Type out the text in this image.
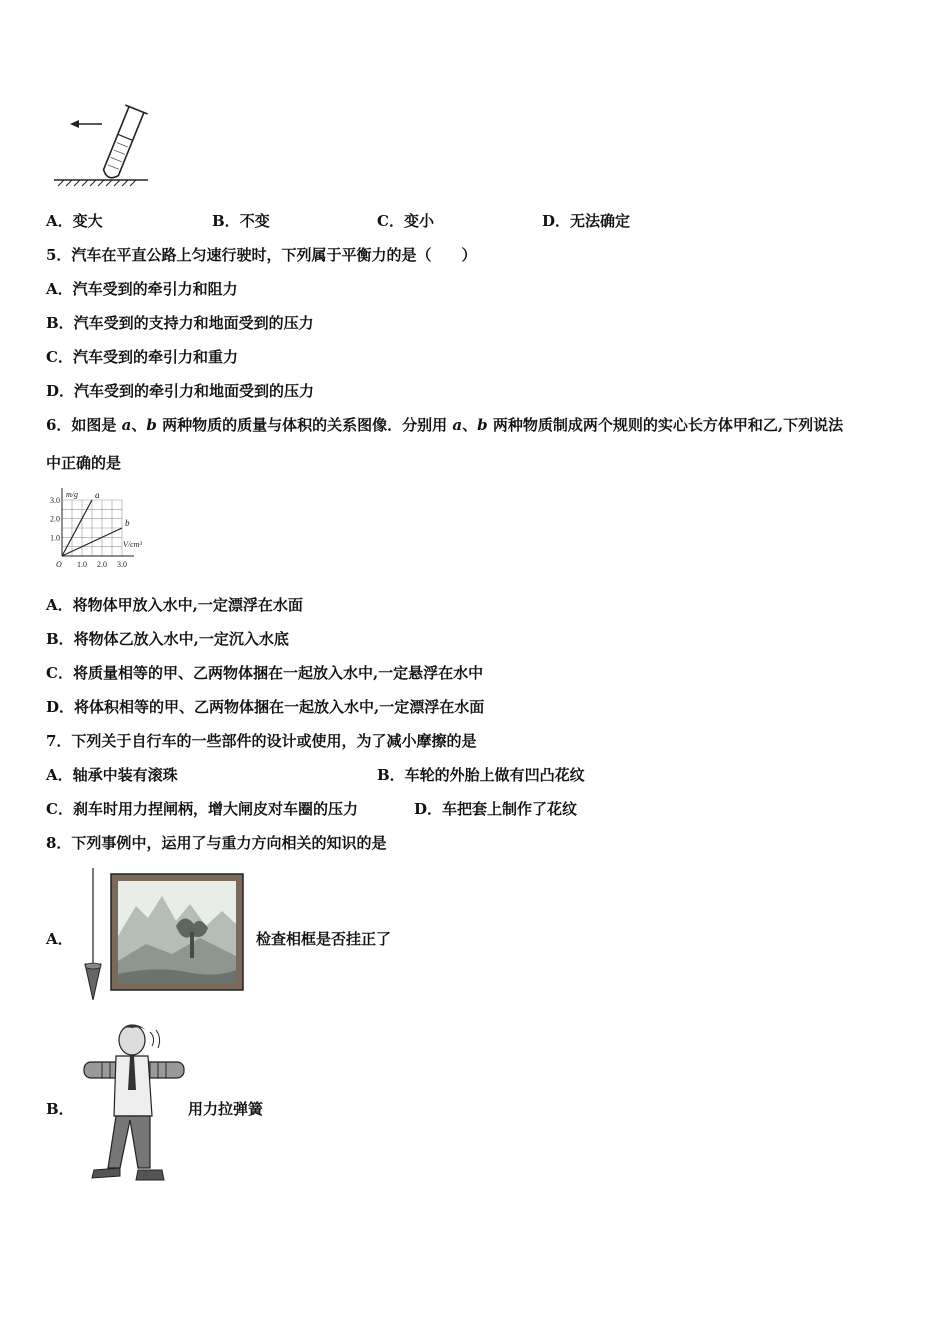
A．变大	B．不变	C．变小	D．无法确定
5．汽车在平直公路上匀速行驶时，下列属于平衡力的是（　　）
A．汽车受到的牵引力和阻力
B．汽车受到的支持力和地面受到的压力
C．汽车受到的牵引力和重力
D．汽车受到的牵引力和地面受到的压力
6．如图是 a、b 两种物质的质量与体积的关系图像．分别用 a、b 两种物质制成两个规则的实心长方体甲和乙,下列说法
中正确的是
a
b
1.0 2.0 3.0
1.0
2.0
3.0
O
m/g
V/cm³
A．将物体甲放入水中,一定漂浮在水面
B．将物体乙放入水中,一定沉入水底
C．将质量相等的甲、乙两物体捆在一起放入水中,一定悬浮在水中
D．将体积相等的甲、乙两物体捆在一起放入水中,一定漂浮在水面
7．下列关于自行车的一些部件的设计或使用，为了减小摩擦的是
A．轴承中装有滚珠	B．车轮的外胎上做有凹凸花纹
C．刹车时用力捏闸柄，增大闸皮对车圈的压力	D．车把套上制作了花纹
8．下列事例中，运用了与重力方向相关的知识的是
A．	检查相框是否挂正了
B．	用力拉弹簧
